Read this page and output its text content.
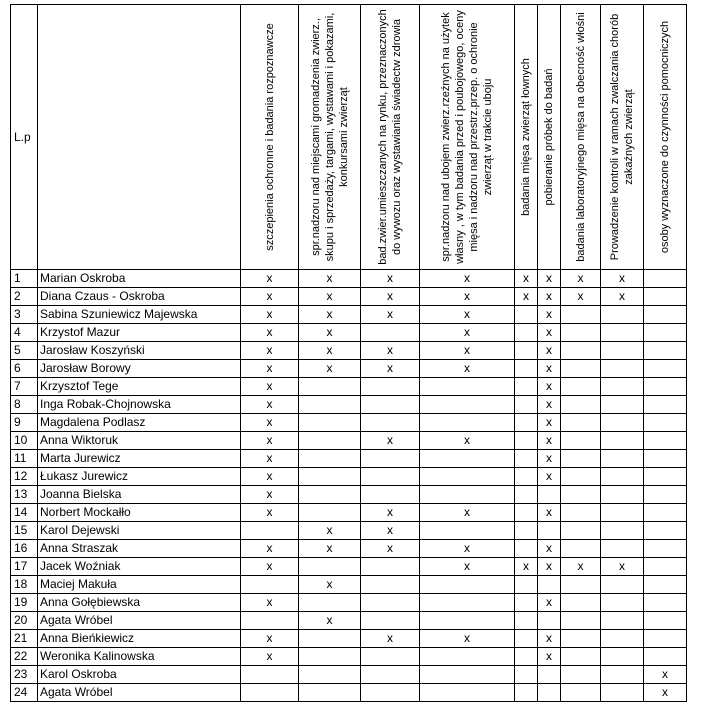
L.p		szczepienia ochronne i badania rozpoznawcze	spr.nadzoru nad miejscami gromadzenia zwierz., skupu i sprzedaży, targami, wystawami i pokazami, konkursami zwierząt	bad.zwier.umieszczanych na rynku, przeznaczonych do wywozu oraz wystawiania świadectw zdrowia	spr.nadzoru nad ubojem zwierz.rzeźnych na użytek własny , w tym badania przed i poubojowego, oceny mięsa i nadzoru nad przestrz.przep. o ochronie zwierząt w trakcie uboju	badania mięsa zwierząt łownych	pobieranie próbek do badań	badania laboratoryjnego mięsa na obecność włośni	Prowadzenie kontroli w ramach zwalczania chorób zakaźnych zwierząt	osoby wyznaczone do czynności pomocniczych

1	Marian Oskroba	x	x	x	x	x	x	x	x	
2	Diana Czaus - Oskroba	x	x	x	x	x	x	x	x	
3	Sabina Szuniewicz Majewska	x	x	x	x		x			
4	Krzystof Mazur	x	x		x		x			
5	Jarosław Koszyński	x	x	x	x		x			
6	Jarosław Borowy	x	x	x	x		x			
7	Krzysztof Tege	x					x			
8	Inga Robak-Chojnowska	x					x			
9	Magdalena Podlasz	x					x			
10	Anna Wiktoruk	x		x	x		x			
11	Marta Jurewicz	x					x			
12	Łukasz Jurewicz	x					x			
13	Joanna Bielska	x								
14	Norbert Mockałło	x		x	x		x			
15	Karol Dejewski		x	x						
16	Anna Straszak	x	x	x	x		x			
17	Jacek Woźniak	x			x	x	x	x	x	
18	Maciej Makuła		x							
19	Anna Gołębiewska	x					x			
20	Agata Wróbel		x							
21	Anna Bieńkiewicz	x		x	x		x			
22	Weronika Kalinowska	x					x			
23	Karol Oskroba									x
24	Agata Wróbel									x
